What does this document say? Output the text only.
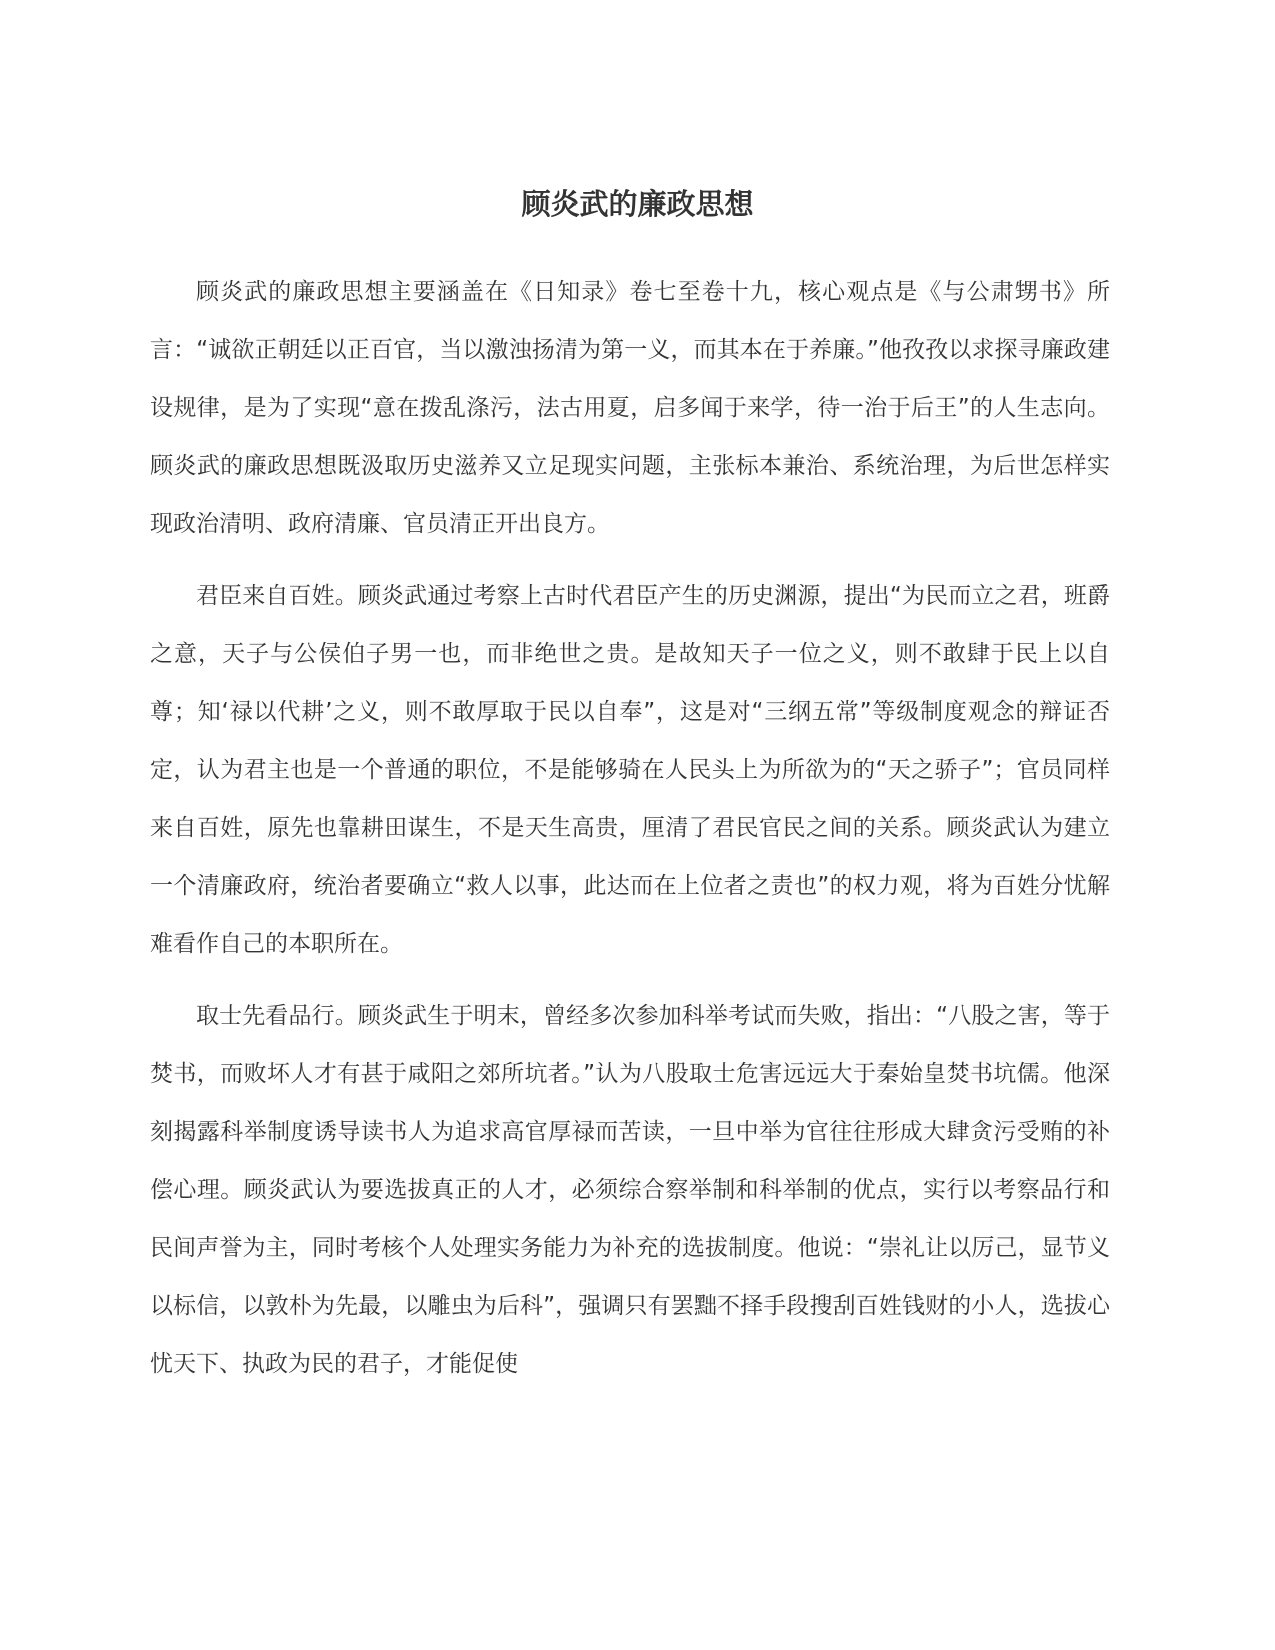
顾炎武的廉政思想

顾炎武的廉政思想主要涵盖在《日知录》卷七至卷十九，核心观点是《与公肃甥书》所言：“诚欲正朝廷以正百官，当以激浊扬清为第一义，而其本在于养廉。”他孜孜以求探寻廉政建设规律，是为了实现“意在拨乱涤污，法古用夏，启多闻于来学，待一治于后王”的人生志向。顾炎武的廉政思想既汲取历史滋养又立足现实问题，主张标本兼治、系统治理，为后世怎样实现政治清明、政府清廉、官员清正开出良方。

君臣来自百姓。顾炎武通过考察上古时代君臣产生的历史渊源，提出“为民而立之君，班爵之意，天子与公侯伯子男一也，而非绝世之贵。是故知天子一位之义，则不敢肆于民上以自尊；知‘禄以代耕’之义，则不敢厚取于民以自奉”，这是对“三纲五常”等级制度观念的辩证否定，认为君主也是一个普通的职位，不是能够骑在人民头上为所欲为的“天之骄子”；官员同样来自百姓，原先也靠耕田谋生，不是天生高贵，厘清了君民官民之间的关系。顾炎武认为建立一个清廉政府，统治者要确立“救人以事，此达而在上位者之责也”的权力观，将为百姓分忧解难看作自己的本职所在。

取士先看品行。顾炎武生于明末，曾经多次参加科举考试而失败，指出：“八股之害，等于焚书，而败坏人才有甚于咸阳之郊所坑者。”认为八股取士危害远远大于秦始皇焚书坑儒。他深刻揭露科举制度诱导读书人为追求高官厚禄而苦读，一旦中举为官往往形成大肆贪污受贿的补偿心理。顾炎武认为要选拔真正的人才，必须综合察举制和科举制的优点，实行以考察品行和民间声誉为主，同时考核个人处理实务能力为补充的选拔制度。他说：“崇礼让以厉己，显节义以标信，以敦朴为先最，以雕虫为后科”，强调只有罢黜不择手段搜刮百姓钱财的小人，选拔心忧天下、执政为民的君子，才能促使
